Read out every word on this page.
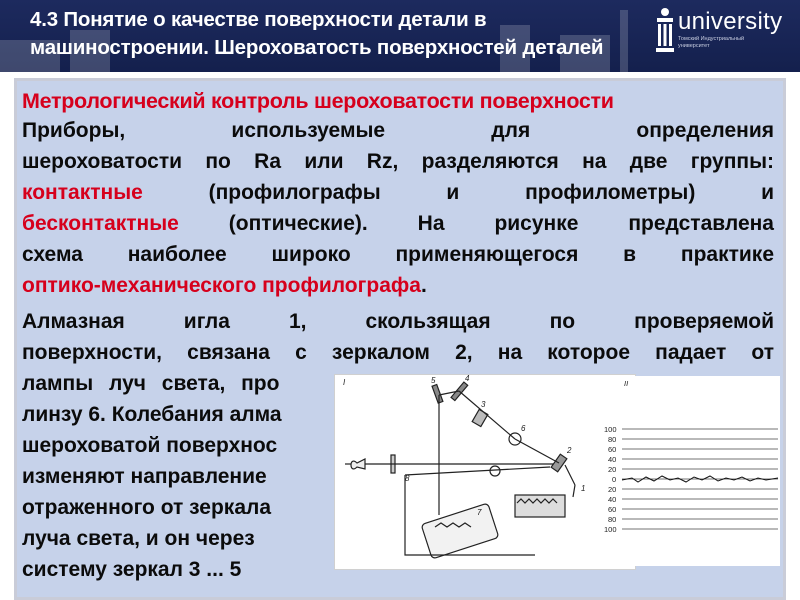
4.3 Понятие о качестве поверхности детали в
машиностроении. Шероховатость поверхностей деталей
university
Томский Индустриальный университет
Метрологический контроль шероховатости поверхности
Приборы, используемые для определения
шероховатости по Ra или Rz, разделяются на две группы:
контактные (профилографы и профилометры) и
бесконтактные (оптические). На рисунке представлена
схема наиболее широко применяющегося в практике
оптико-механического профилографа.
Алмазная игла 1, скользящая по проверяемой
поверхности, связана с зеркалом 2, на которое падает от
лампы луч света, про
линзу 6. Колебания алма
шероховатой поверхнос
изменяют направление
отраженного от зеркала
луча света, и он через
систему зеркал 3 ... 5
I	5	4
3
2
1
6
7
8
II
100
80
60
40
20
0
20
40
60
80
100
